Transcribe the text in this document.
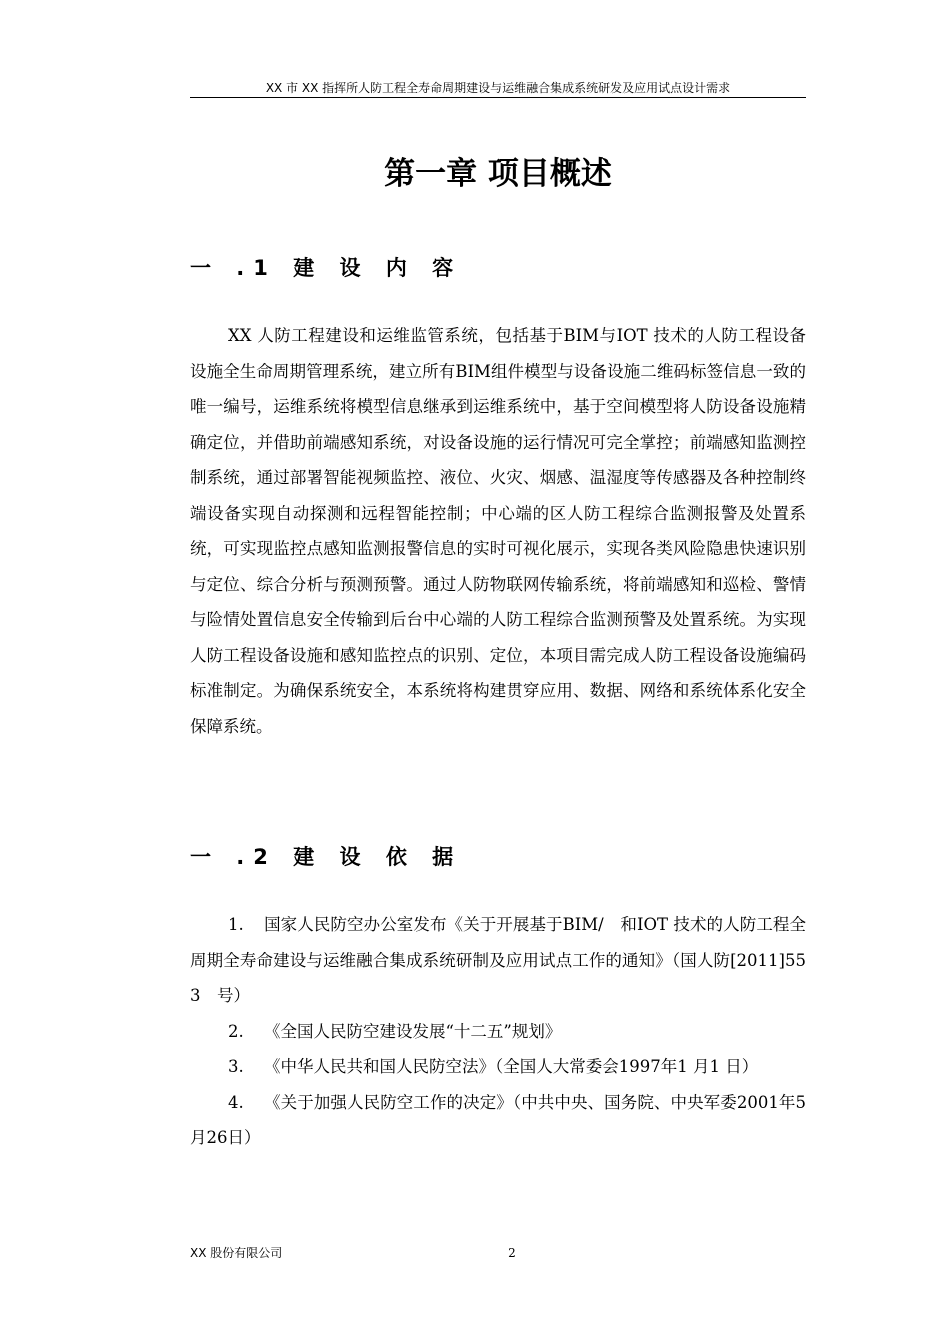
XX 市 XX 指挥所人防工程全寿命周期建设与运维融合集成系统研发及应用试点设计需求
第一章 项目概述
一 .1 建 设 内 容
XX 人防工程建设和运维监管系统，包括基于BIM与IOT 技术的人防工程设备设施全生命周期管理系统，建立所有BIM组件模型与设备设施二维码标签信息一致的唯一编号，运维系统将模型信息继承到运维系统中，基于空间模型将人防设备设施精确定位，并借助前端感知系统，对设备设施的运行情况可完全掌控；前端感知监测控制系统，通过部署智能视频监控、液位、火灾、烟感、温湿度等传感器及各种控制终端设备实现自动探测和远程智能控制；中心端的区人防工程综合监测报警及处置系统，可实现监控点感知监测报警信息的实时可视化展示，实现各类风险隐患快速识别与定位、综合分析与预测预警。通过人防物联网传输系统，将前端感知和巡检、警情与险情处置信息安全传输到后台中心端的人防工程综合监测预警及处置系统。为实现人防工程设备设施和感知监控点的识别、定位，本项目需完成人防工程设备设施编码标准制定。为确保系统安全，本系统将构建贯穿应用、数据、网络和系统体系化安全保障系统。
一 .2 建 设 依 据
1. 国家人民防空办公室发布《关于开展基于BIM/　和IOT 技术的人防工程全周期全寿命建设与运维融合集成系统研制及应用试点工作的通知》（国人防[2011]553　号）
2. 《全国人民防空建设发展“十二五”规划》
3. 《中华人民共和国人民防空法》（全国人大常委会1997年1 月1 日）
4. 《关于加强人民防空工作的决定》（中共中央、国务院、中央军委2001年5 月26日）
XX 股份有限公司	2
